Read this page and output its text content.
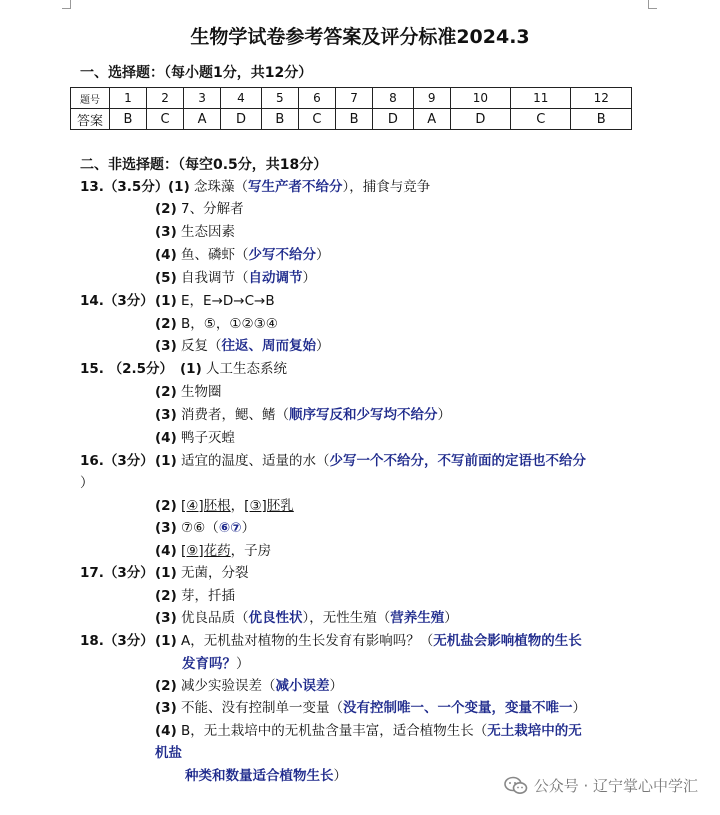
生物学试卷参考答案及评分标准2024.3
一、选择题：（每小题1分，共12分）
题号	1	2	3	4	5	6	7	8	9	10	11	12
答案	B	C	A	D	B	C	B	D	A	D	C	B
二、非选择题：（每空0.5分，共18分）
13.（3.5分） (1) 念珠藻（写生产者不给分），捕食与竞争
(2) 7、分解者
(3) 生态因素
(4) 鱼、磷虾（少写不给分）
(5) 自我调节（自动调节）
14.（3分） (1) E，E→D→C→B
(2) B，⑤，①②③④
(3) 反复（往返、周而复始）
15. （2.5分） (1) 人工生态系统
(2) 生物圈
(3) 消费者，鳃、鳍（顺序写反和少写均不给分）
(4) 鸭子灭蝗
16.（3分） (1) 适宜的温度、适量的水（少写一个不给分，不写前面的定语也不给分
）
(2) [④]胚根，[③]胚乳
(3) ⑦⑥（⑥⑦）
(4) [⑨]花药，子房
17.（3分） (1) 无菌，分裂
(2) 芽，扦插
(3) 优良品质（优良性状），无性生殖（营养生殖）
18.（3分） (1) A，无机盐对植物的生长发育有影响吗？（无机盐会影响植物的生长
发育吗？）
(2) 减少实验误差（减小误差）
(3) 不能、没有控制单一变量（没有控制唯一、一个变量，变量不唯一）
(4) B，无土栽培中的无机盐含量丰富，适合植物生长（无土栽培中的无
机盐
种类和数量适合植物生长）
公众号 · 辽宁掌心中学汇
